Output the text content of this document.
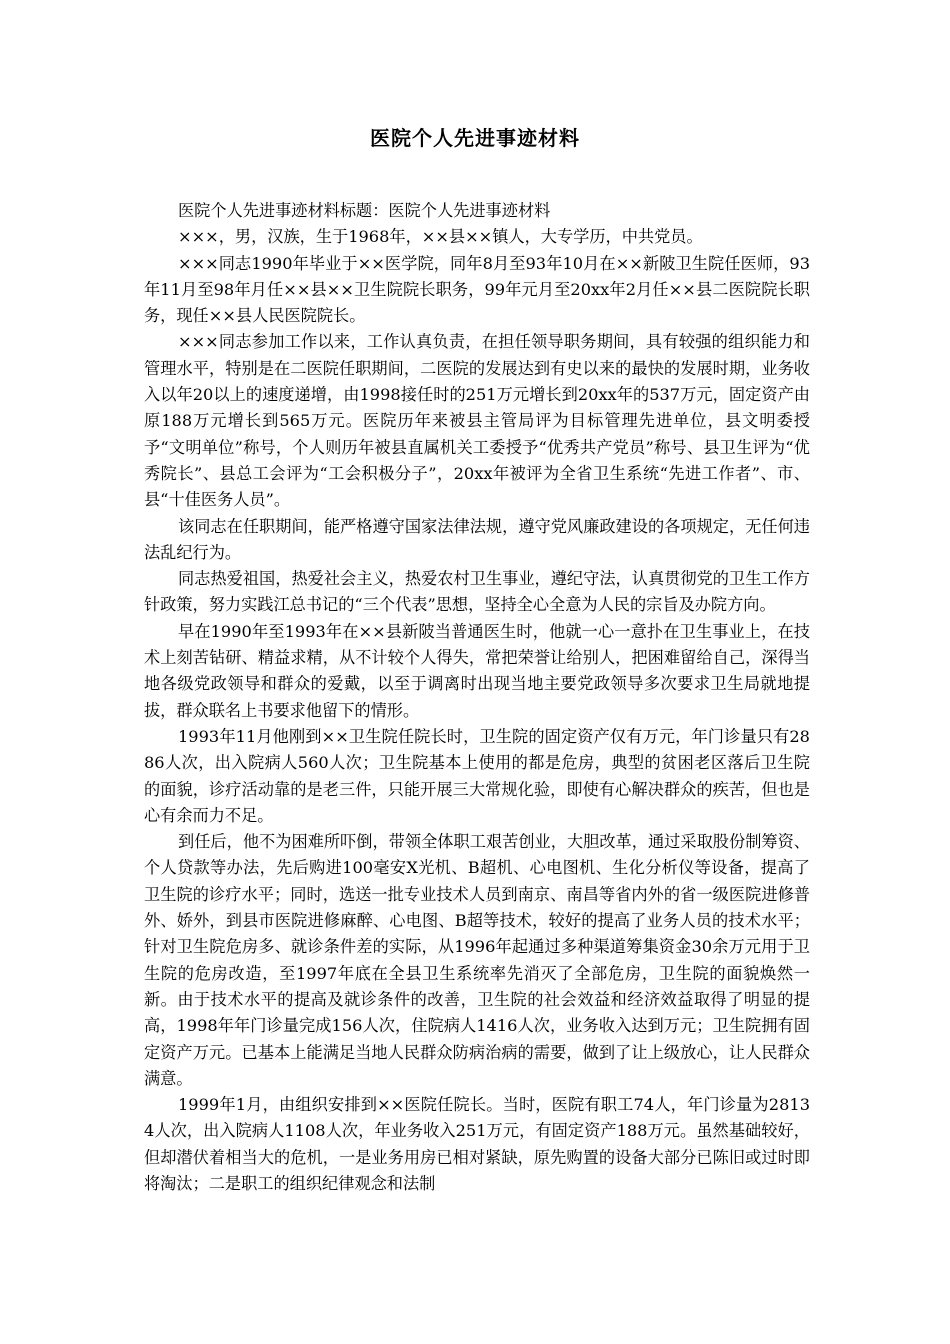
医院个人先进事迹材料

医院个人先进事迹材料标题：医院个人先进事迹材料

×××，男，汉族，生于1968年，××县××镇人，大专学历，中共党员。

×××同志1990年毕业于××医学院，同年8月至93年10月在××新陂卫生院任医师，93年11月至98年月任××县××卫生院院长职务，99年元月至20xx年2月任××县二医院院长职务，现任××县人民医院院长。

×××同志参加工作以来，工作认真负责，在担任领导职务期间，具有较强的组织能力和管理水平，特别是在二医院任职期间，二医院的发展达到有史以来的最快的发展时期，业务收入以年20以上的速度递增，由1998接任时的251万元增长到20xx年的537万元，固定资产由原188万元增长到565万元。医院历年来被县主管局评为目标管理先进单位，县文明委授予“文明单位”称号，个人则历年被县直属机关工委授予“优秀共产党员”称号、县卫生评为“优秀院长”、县总工会评为“工会积极分子”，20xx年被评为全省卫生系统“先进工作者”、市、县“十佳医务人员”。

该同志在任职期间，能严格遵守国家法律法规，遵守党风廉政建设的各项规定，无任何违法乱纪行为。

同志热爱祖国，热爱社会主义，热爱农村卫生事业，遵纪守法，认真贯彻党的卫生工作方针政策，努力实践江总书记的“三个代表”思想，坚持全心全意为人民的宗旨及办院方向。

早在1990年至1993年在××县新陂当普通医生时，他就一心一意扑在卫生事业上，在技术上刻苦钻研、精益求精，从不计较个人得失，常把荣誉让给别人，把困难留给自己，深得当地各级党政领导和群众的爱戴，以至于调离时出现当地主要党政领导多次要求卫生局就地提拔，群众联名上书要求他留下的情形。

1993年11月他刚到××卫生院任院长时，卫生院的固定资产仅有万元，年门诊量只有2886人次，出入院病人560人次；卫生院基本上使用的都是危房，典型的贫困老区落后卫生院的面貌，诊疗活动靠的是老三件，只能开展三大常规化验，即使有心解决群众的疾苦，但也是心有余而力不足。

到任后，他不为困难所吓倒，带领全体职工艰苦创业，大胆改革，通过采取股份制筹资、个人贷款等办法，先后购进100毫安X光机、B超机、心电图机、生化分析仪等设备，提高了卫生院的诊疗水平；同时，选送一批专业技术人员到南京、南昌等省内外的省一级医院进修普外、娇外，到县市医院进修麻醉、心电图、B超等技术，较好的提高了业务人员的技术水平；针对卫生院危房多、就诊条件差的实际，从1996年起通过多种渠道筹集资金30余万元用于卫生院的危房改造，至1997年底在全县卫生系统率先消灭了全部危房，卫生院的面貌焕然一新。由于技术水平的提高及就诊条件的改善，卫生院的社会效益和经济效益取得了明显的提高，1998年年门诊量完成156人次，住院病人1416人次，业务收入达到万元；卫生院拥有固定资产万元。已基本上能满足当地人民群众防病治病的需要，做到了让上级放心，让人民群众满意。

1999年1月，由组织安排到××医院任院长。当时，医院有职工74人，年门诊量为28134人次，出入院病人1108人次，年业务收入251万元，有固定资产188万元。虽然基础较好，但却潜伏着相当大的危机，一是业务用房已相对紧缺，原先购置的设备大部分已陈旧或过时即将淘汰；二是职工的组织纪律观念和法制
